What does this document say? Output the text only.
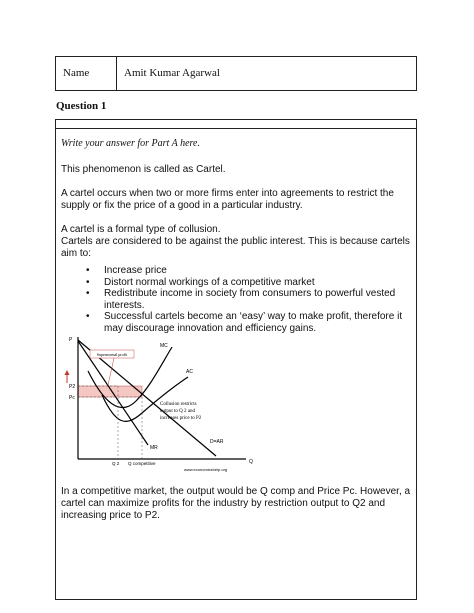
Name	Amit Kumar Agarwal
Question 1
Write your answer for Part A here.
This phenomenon is called as Cartel.
A cartel occurs when two or more firms enter into agreements to restrict the supply or fix the price of a good in a particular industry.
A cartel is a formal type of collusion.
Cartels are considered to be against the public interest. This is because cartels aim to:
• Increase price
• Distort normal workings of a competitive market
• Redistribute income in society from consumers to powerful vested interests.
• Successful cartels become an ‘easy’ way to make profit, therefore it may discourage innovation and efficiency gains.
Supernormal profit
P
Q
P2
Pc
MC
AC
D=AR
MR
Q 2 Q competitive
Collusion restricts
output to Q 2 and
increases price to P2
www.economicshelp.org
In a competitive market, the output would be Q comp and Price Pc. However, a cartel can maximize profits for the industry by restriction output to Q2 and increasing price to P2.
